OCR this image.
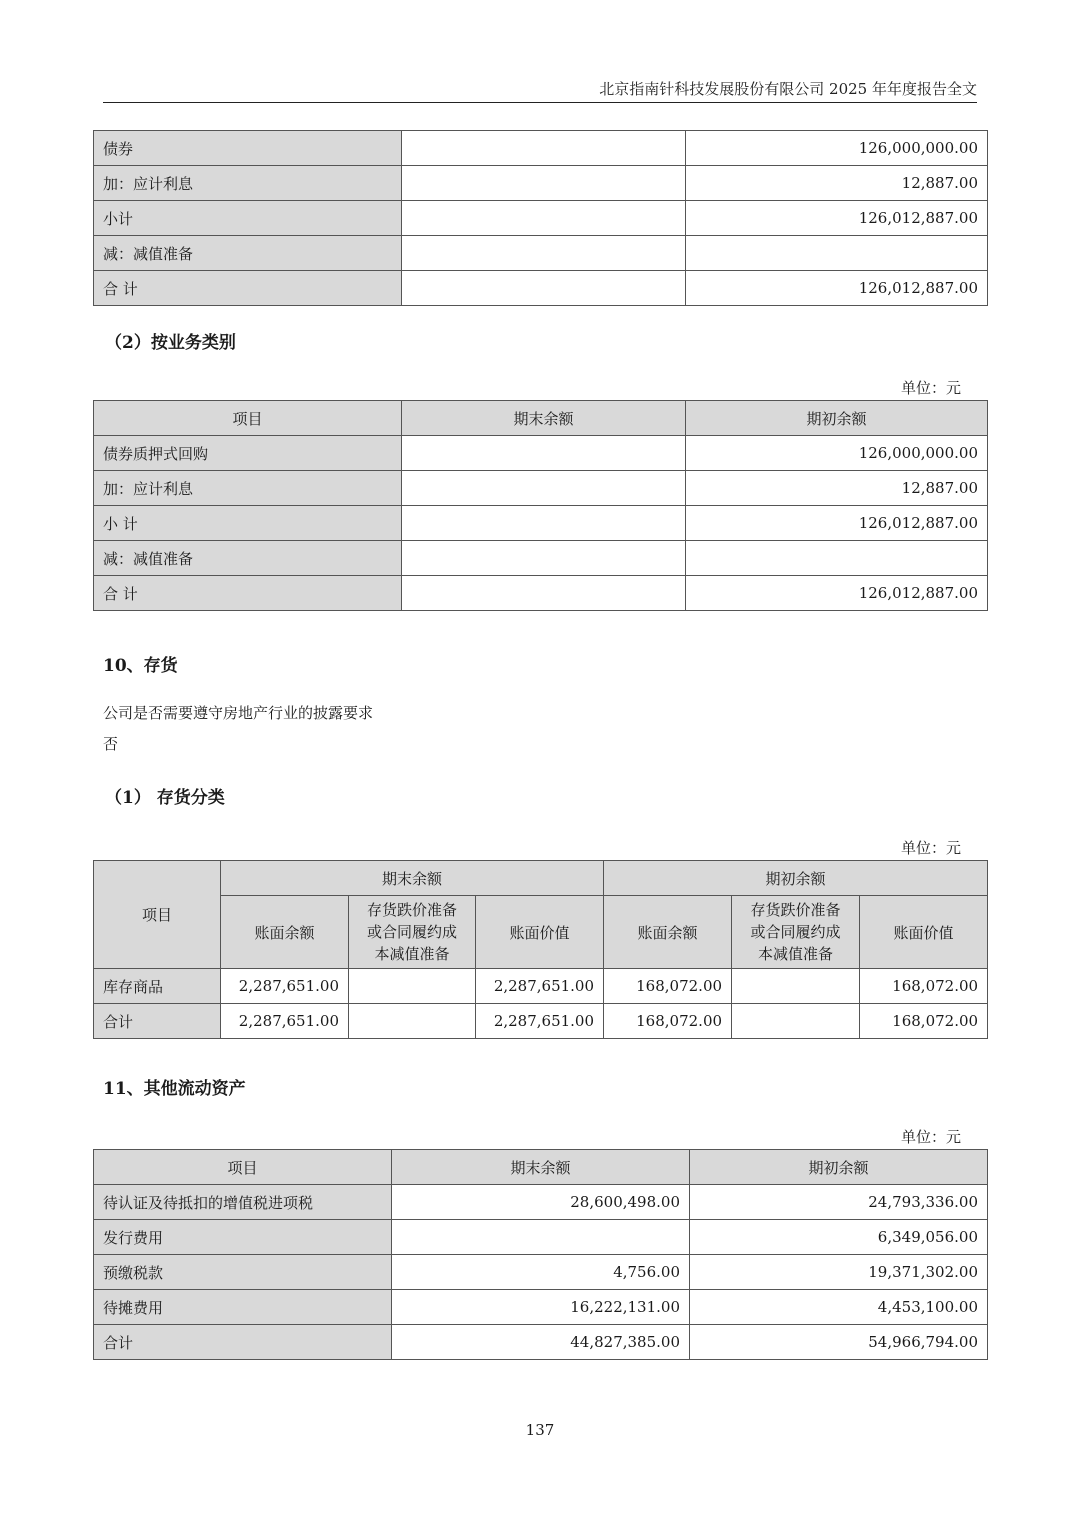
北京指南针科技发展股份有限公司 2025 年年度报告全文
债券		126,000,000.00
加：应计利息		12,887.00
小计		126,012,887.00
减：减值准备		
合 计		126,012,887.00
（2）按业务类别
单位：元
项目	期末余额	期初余额
债券质押式回购		126,000,000.00
加：应计利息		12,887.00
小 计		126,012,887.00
减：减值准备		
合 计		126,012,887.00
10、存货
公司是否需要遵守房地产行业的披露要求
否
（1） 存货分类
单位：元
项目	期末余额			期初余额		
	账面余额	存货跌价准备或合同履约成本减值准备	账面价值	账面余额	存货跌价准备或合同履约成本减值准备	账面价值
库存商品	2,287,651.00		2,287,651.00	168,072.00		168,072.00
合计	2,287,651.00		2,287,651.00	168,072.00		168,072.00
11、其他流动资产
单位：元
项目	期末余额	期初余额
待认证及待抵扣的增值税进项税	28,600,498.00	24,793,336.00
发行费用		6,349,056.00
预缴税款	4,756.00	19,371,302.00
待摊费用	16,222,131.00	4,453,100.00
合计	44,827,385.00	54,966,794.00
137
